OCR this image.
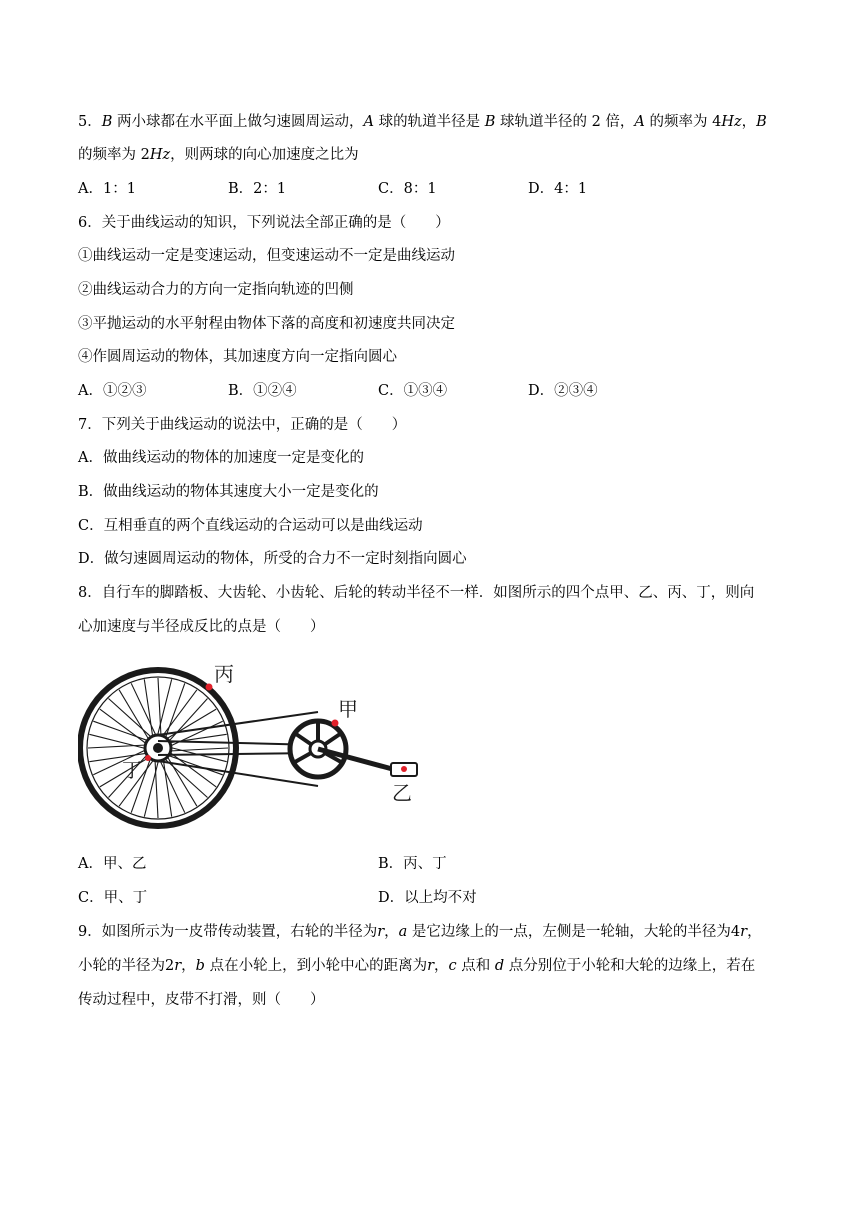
5．B 两小球都在水平面上做匀速圆周运动，A 球的轨道半径是 B 球轨道半径的 2 倍，A 的频率为 4Hz，B
的频率为 2Hz，则两球的向心加速度之比为
A．1：1	B．2：1	C．8：1	D．4：1
6．关于曲线运动的知识，下列说法全部正确的是（　　）
①曲线运动一定是变速运动，但变速运动不一定是曲线运动
②曲线运动合力的方向一定指向轨迹的凹侧
③平抛运动的水平射程由物体下落的高度和初速度共同决定
④作圆周运动的物体，其加速度方向一定指向圆心
A．①②③	B．①②④	C．①③④	D．②③④
7．下列关于曲线运动的说法中，正确的是（　　）
A．做曲线运动的物体的加速度一定是变化的
B．做曲线运动的物体其速度大小一定是变化的
C．互相垂直的两个直线运动的合运动可以是曲线运动
D．做匀速圆周运动的物体，所受的合力不一定时刻指向圆心
8．自行车的脚踏板、大齿轮、小齿轮、后轮的转动半径不一样．如图所示的四个点甲、乙、丙、丁，则向
心加速度与半径成反比的点是（　　）
丙
甲
丁
乙
A．甲、乙	B．丙、丁
C．甲、丁	D．以上均不对
9．如图所示为一皮带传动装置，右轮的半径为r，a 是它边缘上的一点，左侧是一轮轴，大轮的半径为4r，
小轮的半径为2r，b 点在小轮上，到小轮中心的距离为r，c 点和 d 点分别位于小轮和大轮的边缘上，若在
传动过程中，皮带不打滑，则（　　）
